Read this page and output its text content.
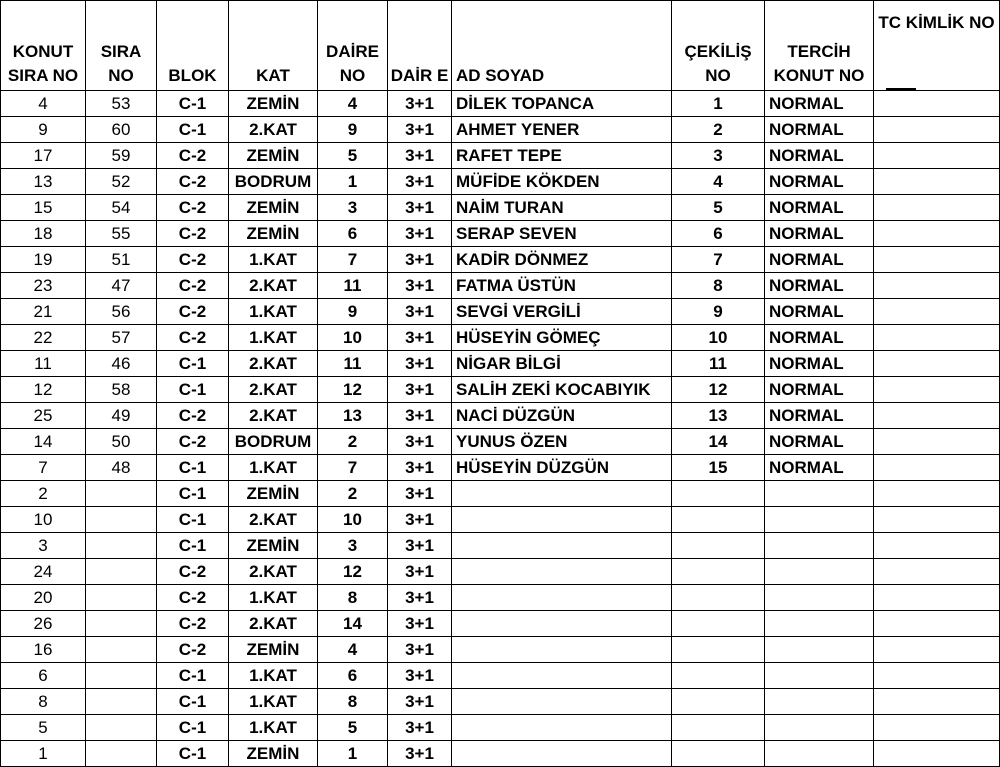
KONUT SIRA NO	SIRA NO	BLOK	KAT	DAİRE NO	DAİR E	AD SOYAD	ÇEKİLİŞ NO	TERCİH KONUT NO	TC KİMLİK NO

4	53	C-1	ZEMİN	4	3+1	DİLEK TOPANCA	1	NORMAL	
9	60	C-1	2.KAT	9	3+1	AHMET YENER	2	NORMAL	
17	59	C-2	ZEMİN	5	3+1	RAFET TEPE	3	NORMAL	
13	52	C-2	BODRUM	1	3+1	MÜFİDE KÖKDEN	4	NORMAL	
15	54	C-2	ZEMİN	3	3+1	NAİM TURAN	5	NORMAL	
18	55	C-2	ZEMİN	6	3+1	SERAP SEVEN	6	NORMAL	
19	51	C-2	1.KAT	7	3+1	KADİR DÖNMEZ	7	NORMAL	
23	47	C-2	2.KAT	11	3+1	FATMA ÜSTÜN	8	NORMAL	
21	56	C-2	1.KAT	9	3+1	SEVGİ VERGİLİ	9	NORMAL	
22	57	C-2	1.KAT	10	3+1	HÜSEYİN GÖMEÇ	10	NORMAL	
11	46	C-1	2.KAT	11	3+1	NİGAR BİLGİ	11	NORMAL	
12	58	C-1	2.KAT	12	3+1	SALİH ZEKİ KOCABIYIK	12	NORMAL	
25	49	C-2	2.KAT	13	3+1	NACİ DÜZGÜN	13	NORMAL	
14	50	C-2	BODRUM	2	3+1	YUNUS ÖZEN	14	NORMAL	
7	48	C-1	1.KAT	7	3+1	HÜSEYİN DÜZGÜN	15	NORMAL	
2		C-1	ZEMİN	2	3+1				
10		C-1	2.KAT	10	3+1				
3		C-1	ZEMİN	3	3+1				
24		C-2	2.KAT	12	3+1				
20		C-2	1.KAT	8	3+1				
26		C-2	2.KAT	14	3+1				
16		C-2	ZEMİN	4	3+1				
6		C-1	1.KAT	6	3+1				
8		C-1	1.KAT	8	3+1				
5		C-1	1.KAT	5	3+1				
1		C-1	ZEMİN	1	3+1				
